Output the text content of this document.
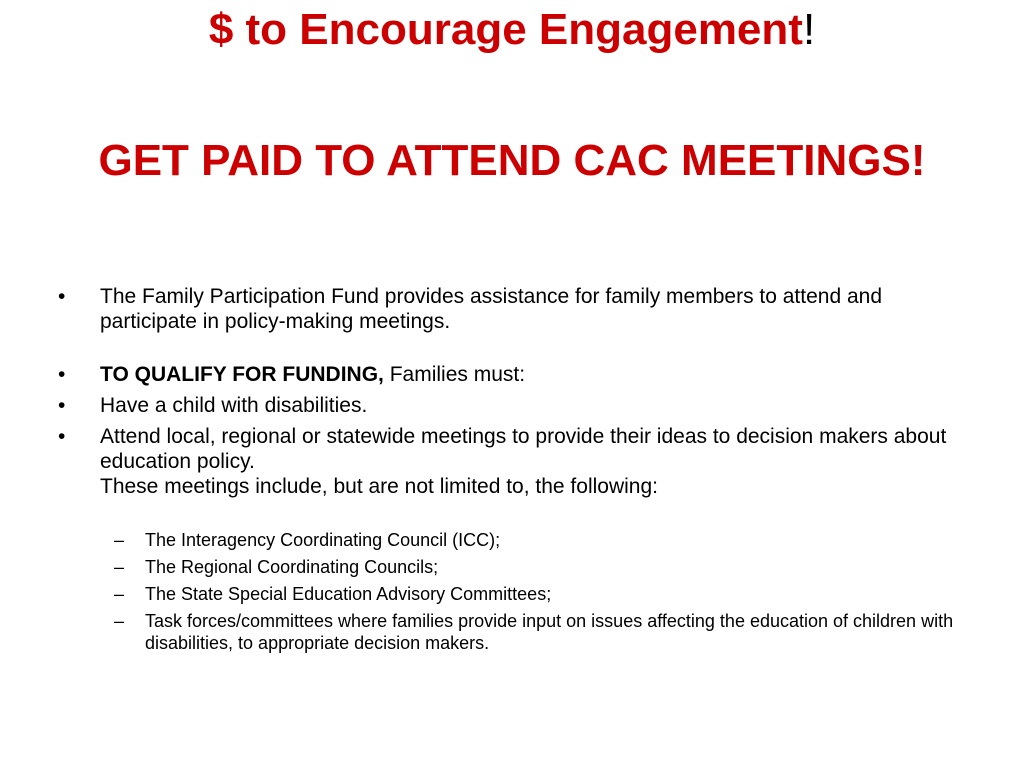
$ to Encourage Engagement!
GET PAID TO ATTEND CAC MEETINGS!
• The Family Participation Fund provides assistance for family members to attend and participate in policy-making meetings.
• TO QUALIFY FOR FUNDING, Families must:
• Have a child with disabilities.
• Attend local, regional or statewide meetings to provide their ideas to decision makers about education policy.
These meetings include, but are not limited to, the following:
– The Interagency Coordinating Council (ICC);
– The Regional Coordinating Councils;
– The State Special Education Advisory Committees;
– Task forces/committees where families provide input on issues affecting the education of children with disabilities, to appropriate decision makers.
